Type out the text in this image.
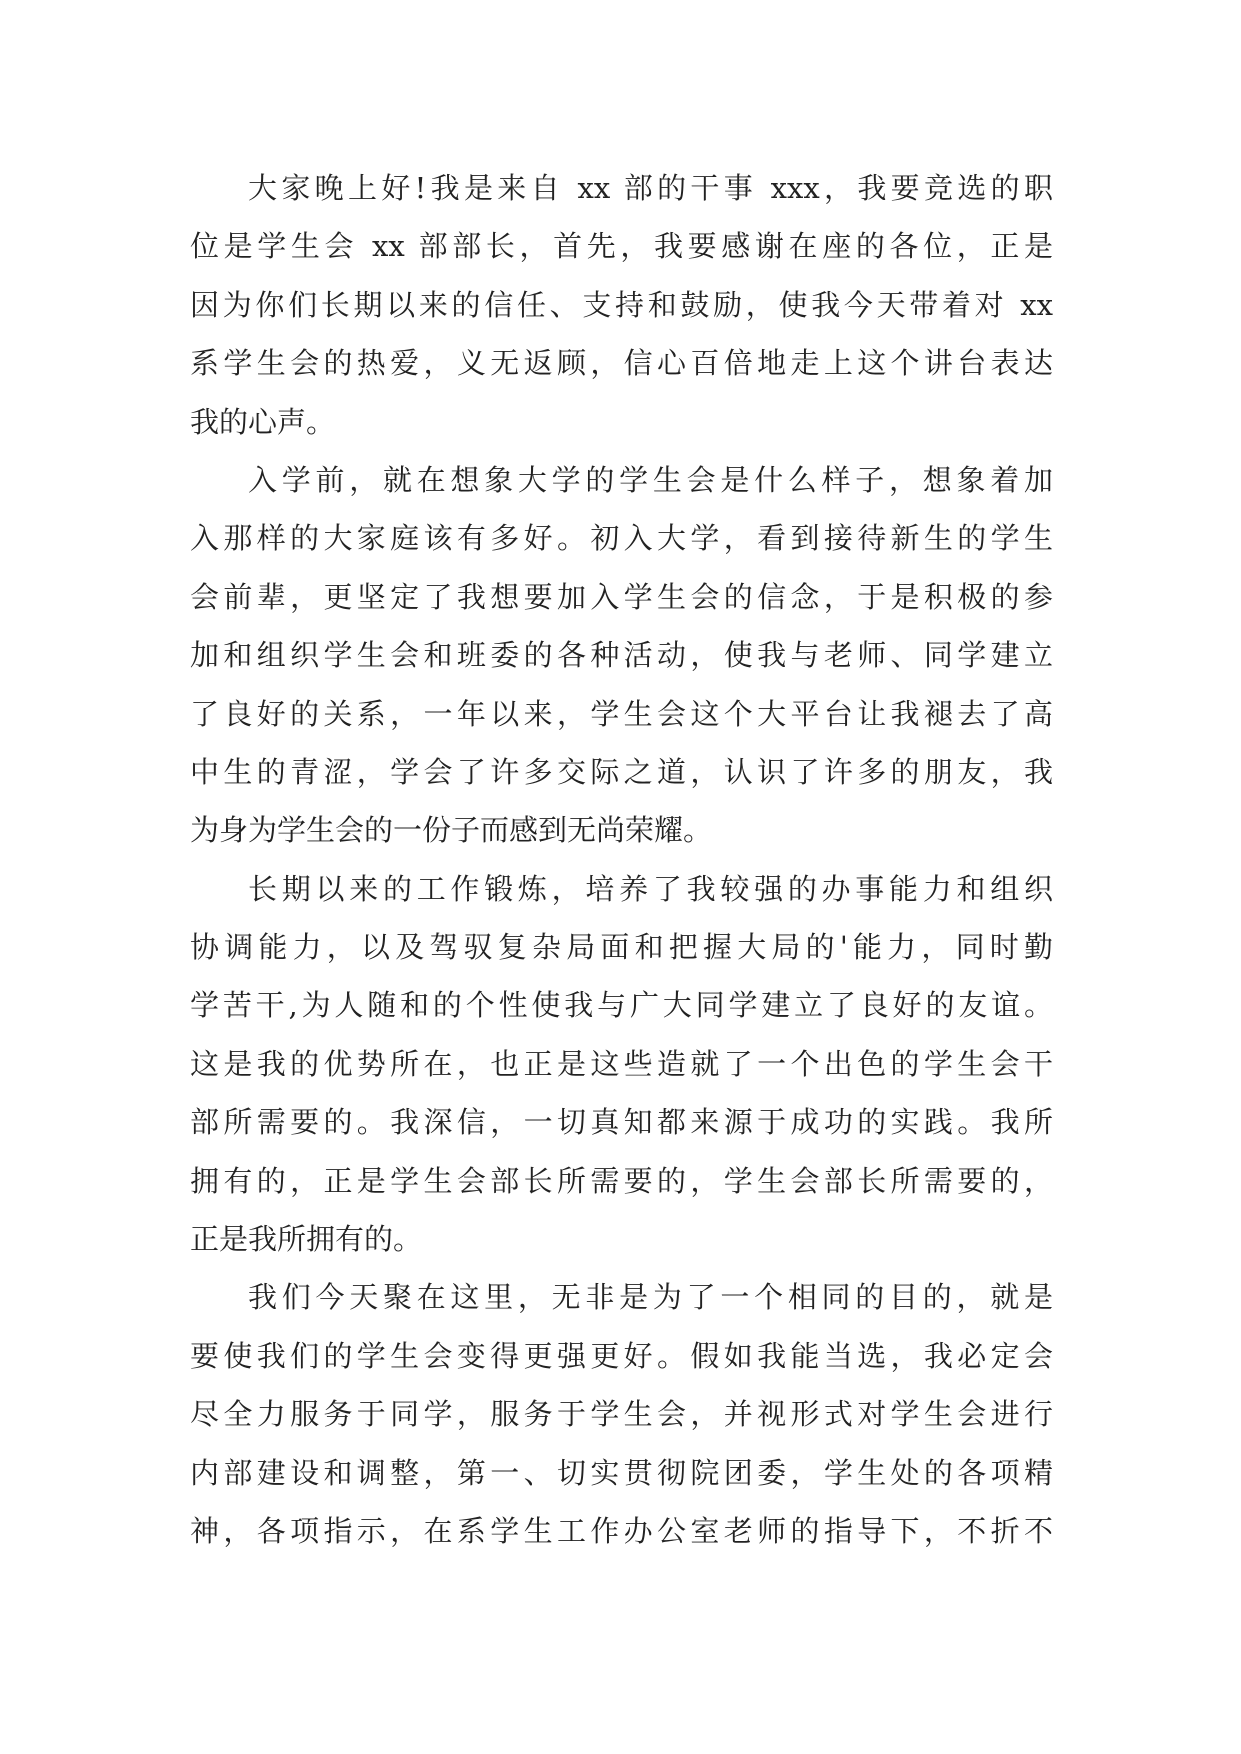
大家晚上好!我是来自 xx 部的干事 xxx，我要竞选的职
位是学生会 xx 部部长，首先，我要感谢在座的各位，正是
因为你们长期以来的信任、支持和鼓励，使我今天带着对 xx
系学生会的热爱，义无返顾，信心百倍地走上这个讲台表达
我的心声。
入学前，就在想象大学的学生会是什么样子，想象着加
入那样的大家庭该有多好。初入大学，看到接待新生的学生
会前辈，更坚定了我想要加入学生会的信念，于是积极的参
加和组织学生会和班委的各种活动，使我与老师、同学建立
了良好的关系，一年以来，学生会这个大平台让我褪去了高
中生的青涩，学会了许多交际之道，认识了许多的朋友，我
为身为学生会的一份子而感到无尚荣耀。
长期以来的工作锻炼，培养了我较强的办事能力和组织
协调能力，以及驾驭复杂局面和把握大局的'能力，同时勤
学苦干,为人随和的个性使我与广大同学建立了良好的友谊。
这是我的优势所在，也正是这些造就了一个出色的学生会干
部所需要的。我深信，一切真知都来源于成功的实践。我所
拥有的，正是学生会部长所需要的，学生会部长所需要的，
正是我所拥有的。
我们今天聚在这里，无非是为了一个相同的目的，就是
要使我们的学生会变得更强更好。假如我能当选，我必定会
尽全力服务于同学，服务于学生会，并视形式对学生会进行
内部建设和调整，第一、切实贯彻院团委，学生处的各项精
神，各项指示，在系学生工作办公室老师的指导下，不折不
